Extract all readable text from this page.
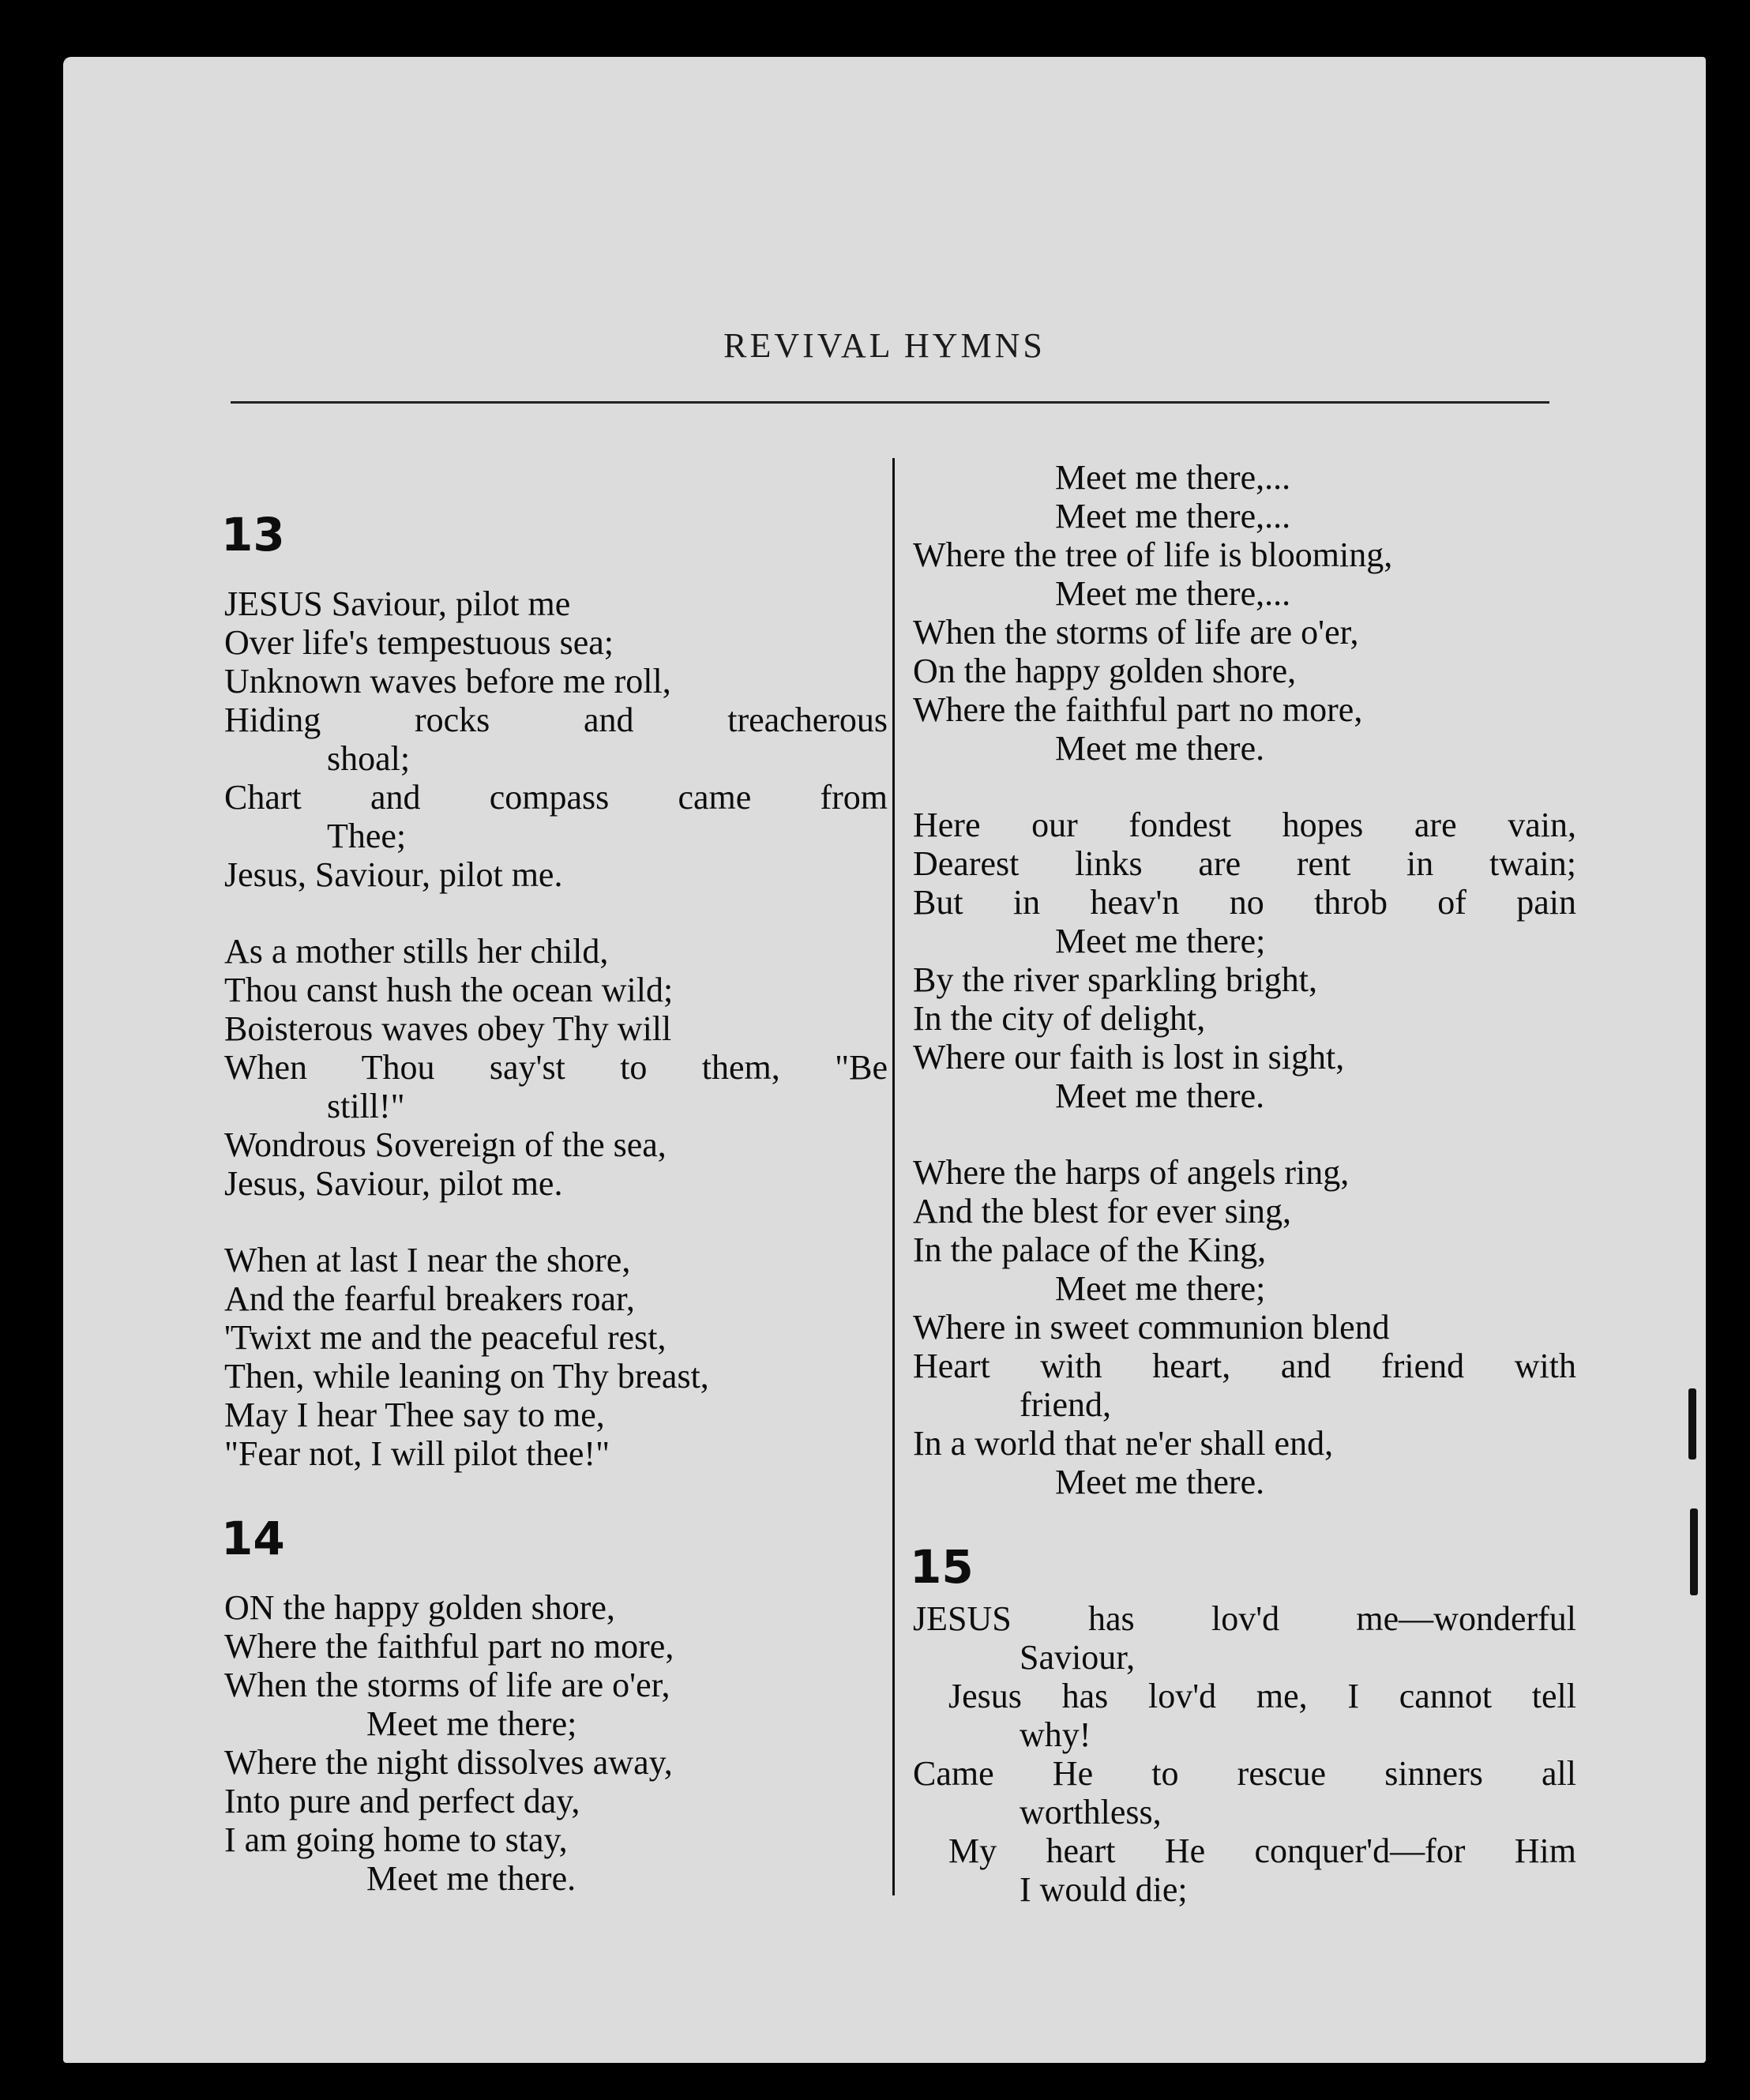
REVIVAL HYMNS
13
JESUS Saviour, pilot me
Over life's tempestuous sea;
Unknown waves before me roll,
Hiding rocks and treacherous
shoal;
Chart and compass came from
Thee;
Jesus, Saviour, pilot me.
As a mother stills her child,
Thou canst hush the ocean wild;
Boisterous waves obey Thy will
When Thou say'st to them, "Be
still!"
Wondrous Sovereign of the sea,
Jesus, Saviour, pilot me.
When at last I near the shore,
And the fearful breakers roar,
'Twixt me and the peaceful rest,
Then, while leaning on Thy breast,
May I hear Thee say to me,
"Fear not, I will pilot thee!"
14
ON the happy golden shore,
Where the faithful part no more,
When the storms of life are o'er,
Meet me there;
Where the night dissolves away,
Into pure and perfect day,
I am going home to stay,
Meet me there.
Meet me there,...
Meet me there,...
Where the tree of life is blooming,
Meet me there,...
When the storms of life are o'er,
On the happy golden shore,
Where the faithful part no more,
Meet me there.
Here our fondest hopes are vain,
Dearest links are rent in twain;
But in heav'n no throb of pain
Meet me there;
By the river sparkling bright,
In the city of delight,
Where our faith is lost in sight,
Meet me there.
Where the harps of angels ring,
And the blest for ever sing,
In the palace of the King,
Meet me there;
Where in sweet communion blend
Heart with heart, and friend with
friend,
In a world that ne'er shall end,
Meet me there.
15
JESUS has lov'd me—wonderful
Saviour,
Jesus has lov'd me, I cannot tell
why!
Came He to rescue sinners all
worthless,
My heart He conquer'd—for Him
I would die;
